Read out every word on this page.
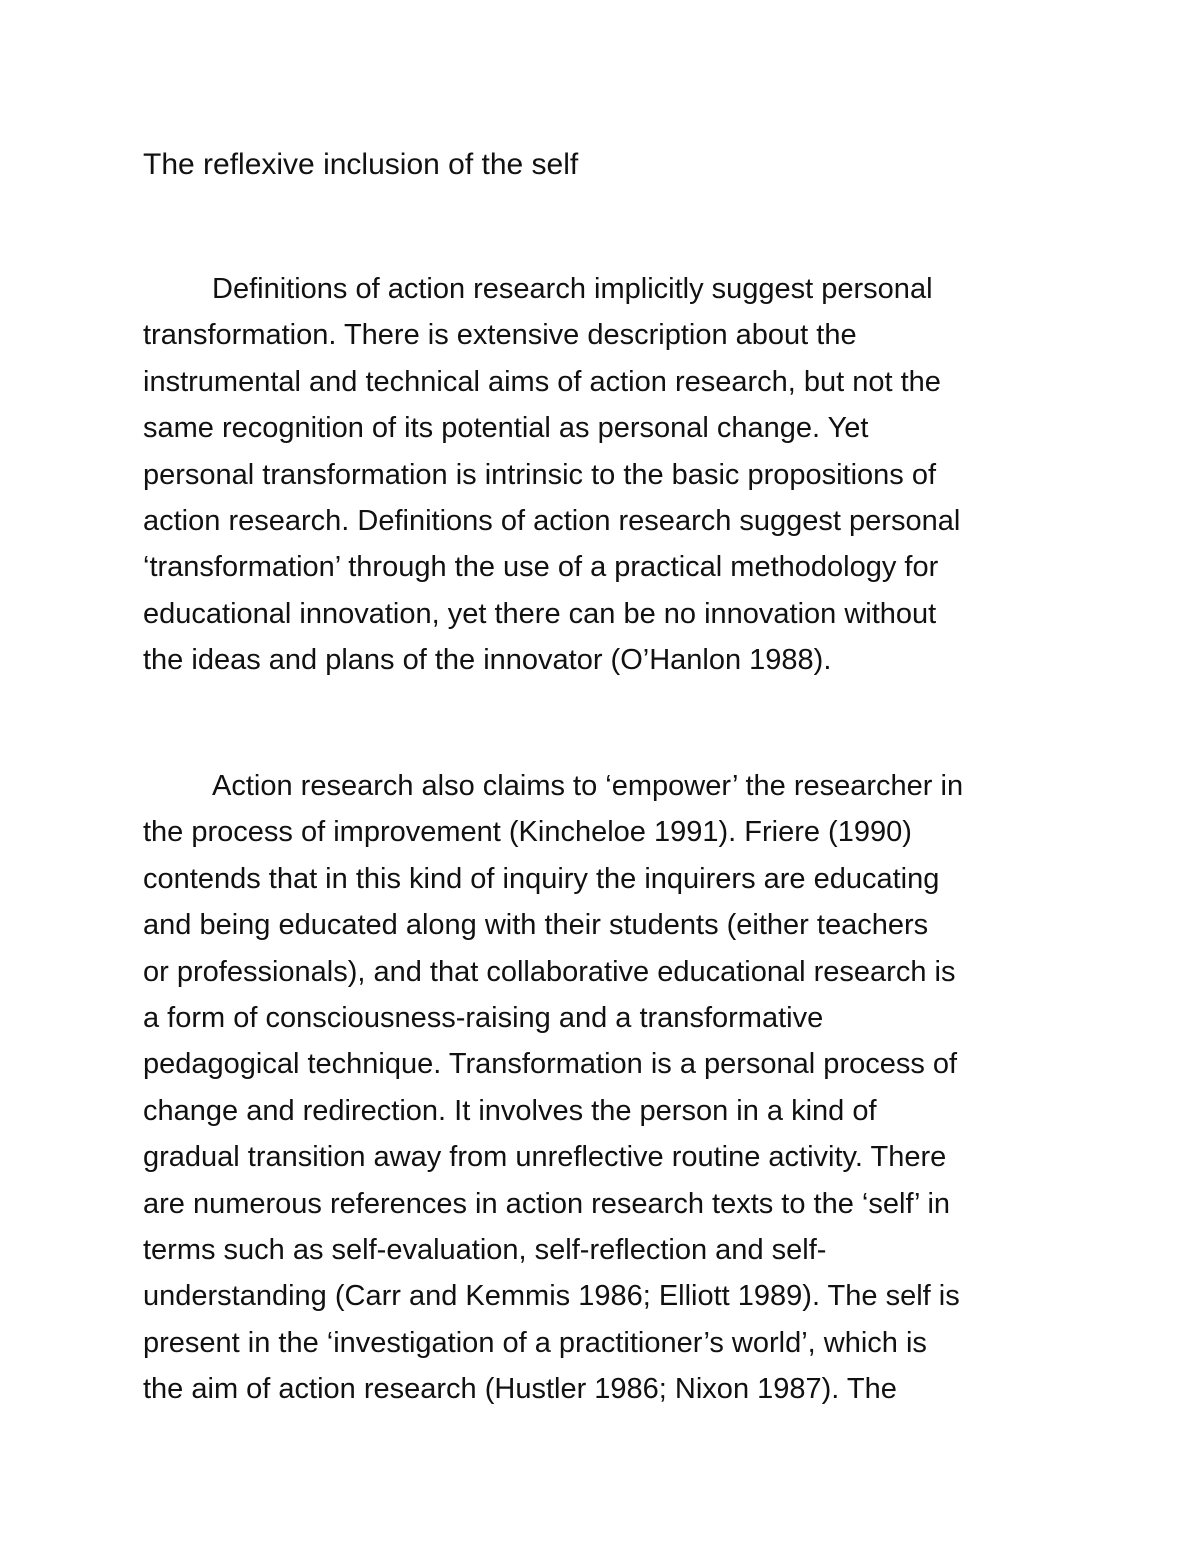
The reflexive inclusion of the self

Definitions of action research implicitly suggest personal
transformation. There is extensive description about the
instrumental and technical aims of action research, but not the
same recognition of its potential as personal change. Yet
personal transformation is intrinsic to the basic propositions of
action research. Definitions of action research suggest personal
‘transformation’ through the use of a practical methodology for
educational innovation, yet there can be no innovation without
the ideas and plans of the innovator (O’Hanlon 1988).

Action research also claims to ‘empower’ the researcher in
the process of improvement (Kincheloe 1991). Friere (1990)
contends that in this kind of inquiry the inquirers are educating
and being educated along with their students (either teachers
or professionals), and that collaborative educational research is
a form of consciousness-raising and a transformative
pedagogical technique. Transformation is a personal process of
change and redirection. It involves the person in a kind of
gradual transition away from unreflective routine activity. There
are numerous references in action research texts to the ‘self’ in
terms such as self-evaluation, self-reflection and self-
understanding (Carr and Kemmis 1986; Elliott 1989). The self is
present in the ‘investigation of a practitioner’s world’, which is
the aim of action research (Hustler 1986; Nixon 1987). The
